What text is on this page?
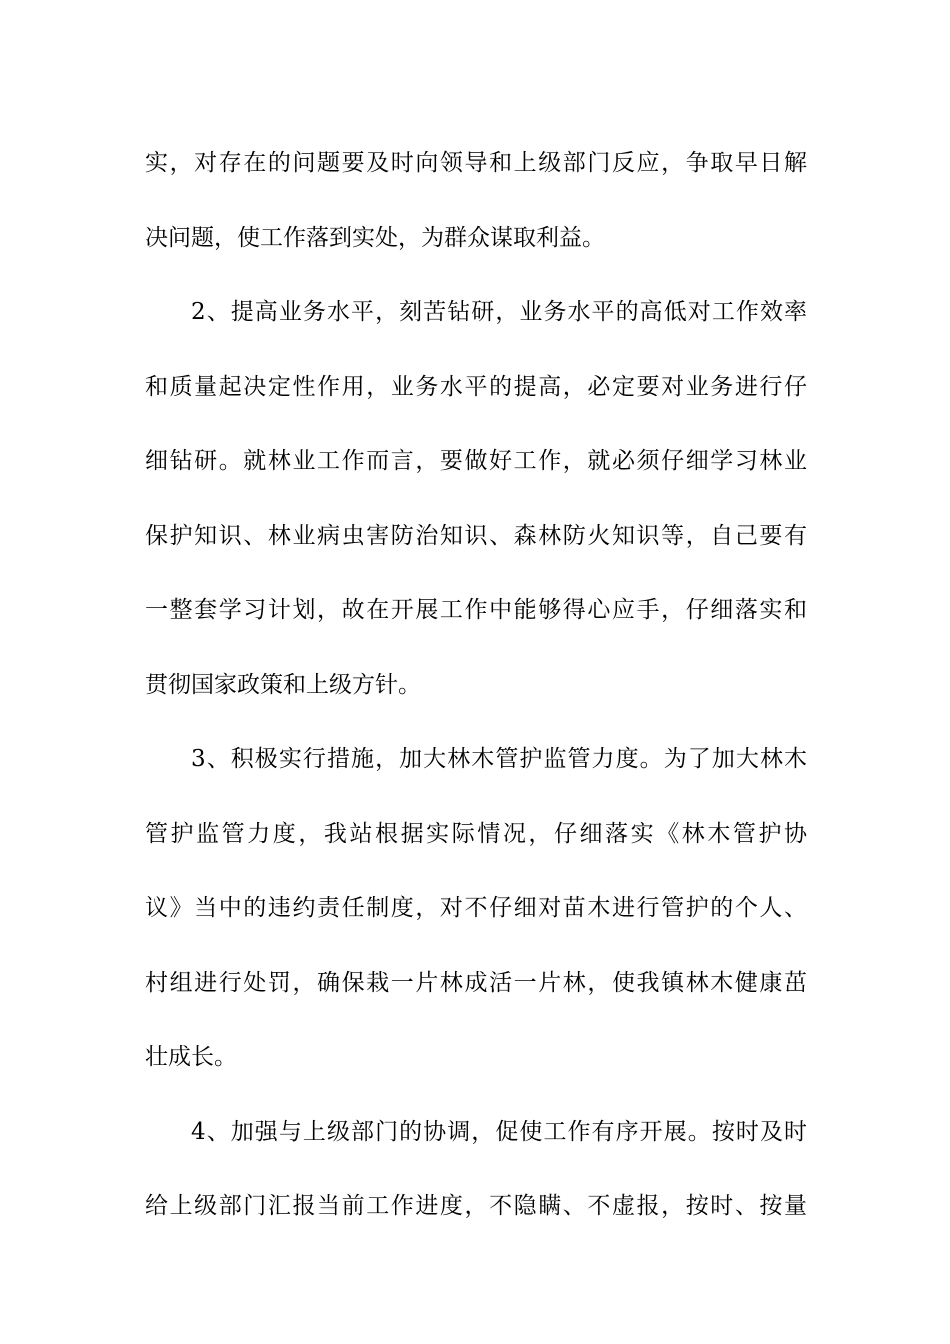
实，对存在的问题要及时向领导和上级部门反应，争取早日解
决问题，使工作落到实处，为群众谋取利益。
2、提高业务水平，刻苦钻研，业务水平的高低对工作效率
和质量起决定性作用，业务水平的提高，必定要对业务进行仔
细钻研。就林业工作而言，要做好工作，就必须仔细学习林业
保护知识、林业病虫害防治知识、森林防火知识等，自己要有
一整套学习计划，故在开展工作中能够得心应手，仔细落实和
贯彻国家政策和上级方针。
3、积极实行措施，加大林木管护监管力度。为了加大林木
管护监管力度，我站根据实际情况，仔细落实《林木管护协
议》当中的违约责任制度，对不仔细对苗木进行管护的个人、
村组进行处罚，确保栽一片林成活一片林，使我镇林木健康茁
壮成长。
4、加强与上级部门的协调，促使工作有序开展。按时及时
给上级部门汇报当前工作进度，不隐瞒、不虚报，按时、按量
